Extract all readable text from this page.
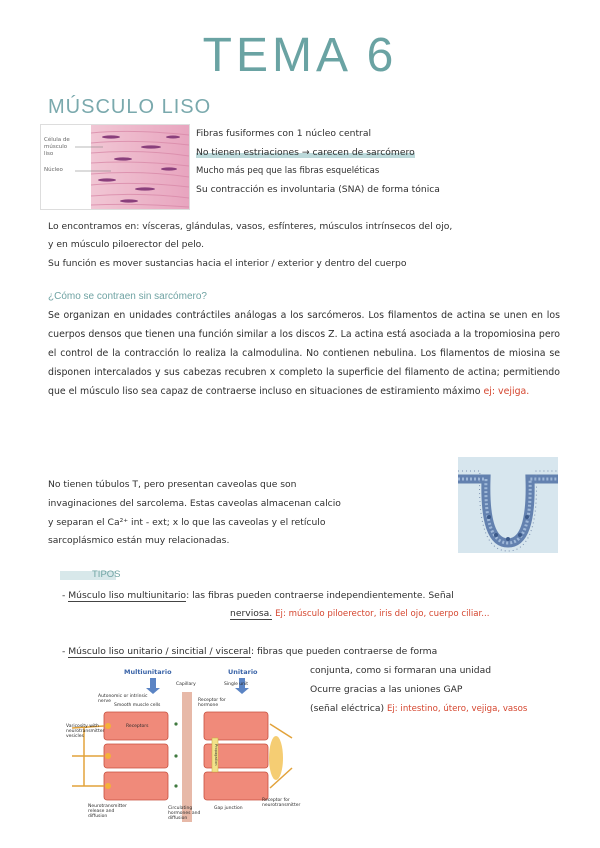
TEMA 6
MÚSCULO LISO
Célula de músculo liso
Núcleo
Fibras fusiformes con 1 núcleo central
No tienen estriaciones → carecen de sarcómero
Mucho más peq que las fibras esqueléticas
Su contracción es involuntaria (SNA) de forma tónica
Lo encontramos en: vísceras, glándulas, vasos, esfínteres, músculos intrínsecos del ojo,
y en músculo piloerector del pelo.
Su función es mover sustancias hacia el interior / exterior y dentro del cuerpo
¿Cómo se contraen sin sarcómero?
Se organizan en unidades contráctiles análogas a los sarcómeros. Los filamentos de actina se unen en los cuerpos densos que tienen una función similar a los discos Z. La actina está asociada a la tropomiosina pero el control de la contracción lo realiza la calmodulina. No contienen nebulina. Los filamentos de miosina se disponen intercalados y sus cabezas recubren x completo la superficie del filamento de actina; permitiendo que el músculo liso sea capaz de contraerse incluso en situaciones de estiramiento máximo ej: vejiga.
No tienen túbulos T, pero presentan caveolas que son
invaginaciones del sarcolema. Estas caveolas almacenan calcio
y separan el Ca²⁺ int - ext; x lo que las caveolas y el retículo
sarcoplásmico están muy relacionadas.
TIPOS
- Músculo liso multiunitario: las fibras pueden contraerse independientemente. Señal
nerviosa. Ej: músculo piloerector, iris del ojo, cuerpo ciliar...
- Músculo liso unitario / sincitial / visceral: fibras que pueden contraerse de forma
conjunta, como si formaran una unidad
Ocurre gracias a las uniones GAP
(señal eléctrica) Ej: intestino, útero, vejiga, vasos
Multiunitario	Unitario
Autonomic or intrinsic nerve
Varicosity with neurotransmitter vesicles
Smooth muscle cells
Receptors
Capillary	Single unit
Receptor for hormone
Propagation
Neurotransmitter release and diffusion
Circulating hormones and diffusion
Gap junction
Receptor for neurotransmitter
